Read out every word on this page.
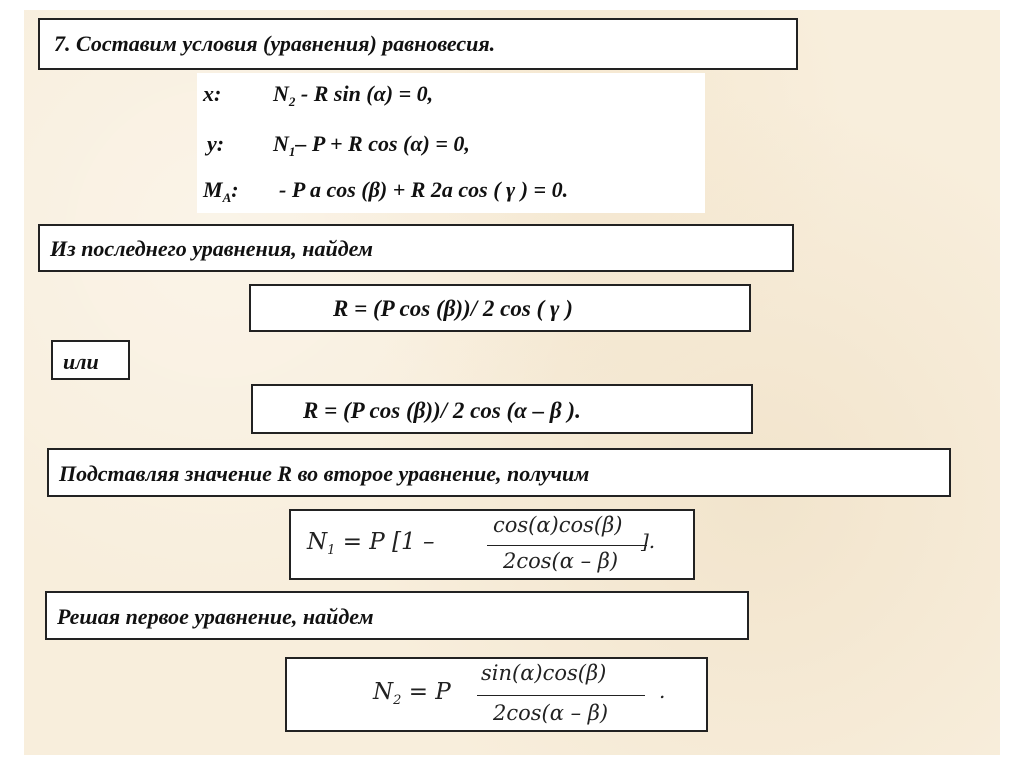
7. Составим условия (уравнения) равновесия.
x: $N_2$ - R sin (α) = 0,
y: $N_1-$ P + R cos (α) = 0,
$M_A$: - P a cos (β) + R 2a cos ( γ ) = 0.
Из последнего уравнения, найдем
R = (P cos (β))/ 2 cos ( γ )
или
R = (P cos (β))/ 2 cos (α – β ).
Подставляя значение R во второе уравнение, получим
$N_1 = P$ [1 –
cos(α)cos(β)
].
2cos(α – β)
Решая первое уравнение, найдем
$N_2 = P$
sin(α)cos(β)
.
2cos(α – β)
